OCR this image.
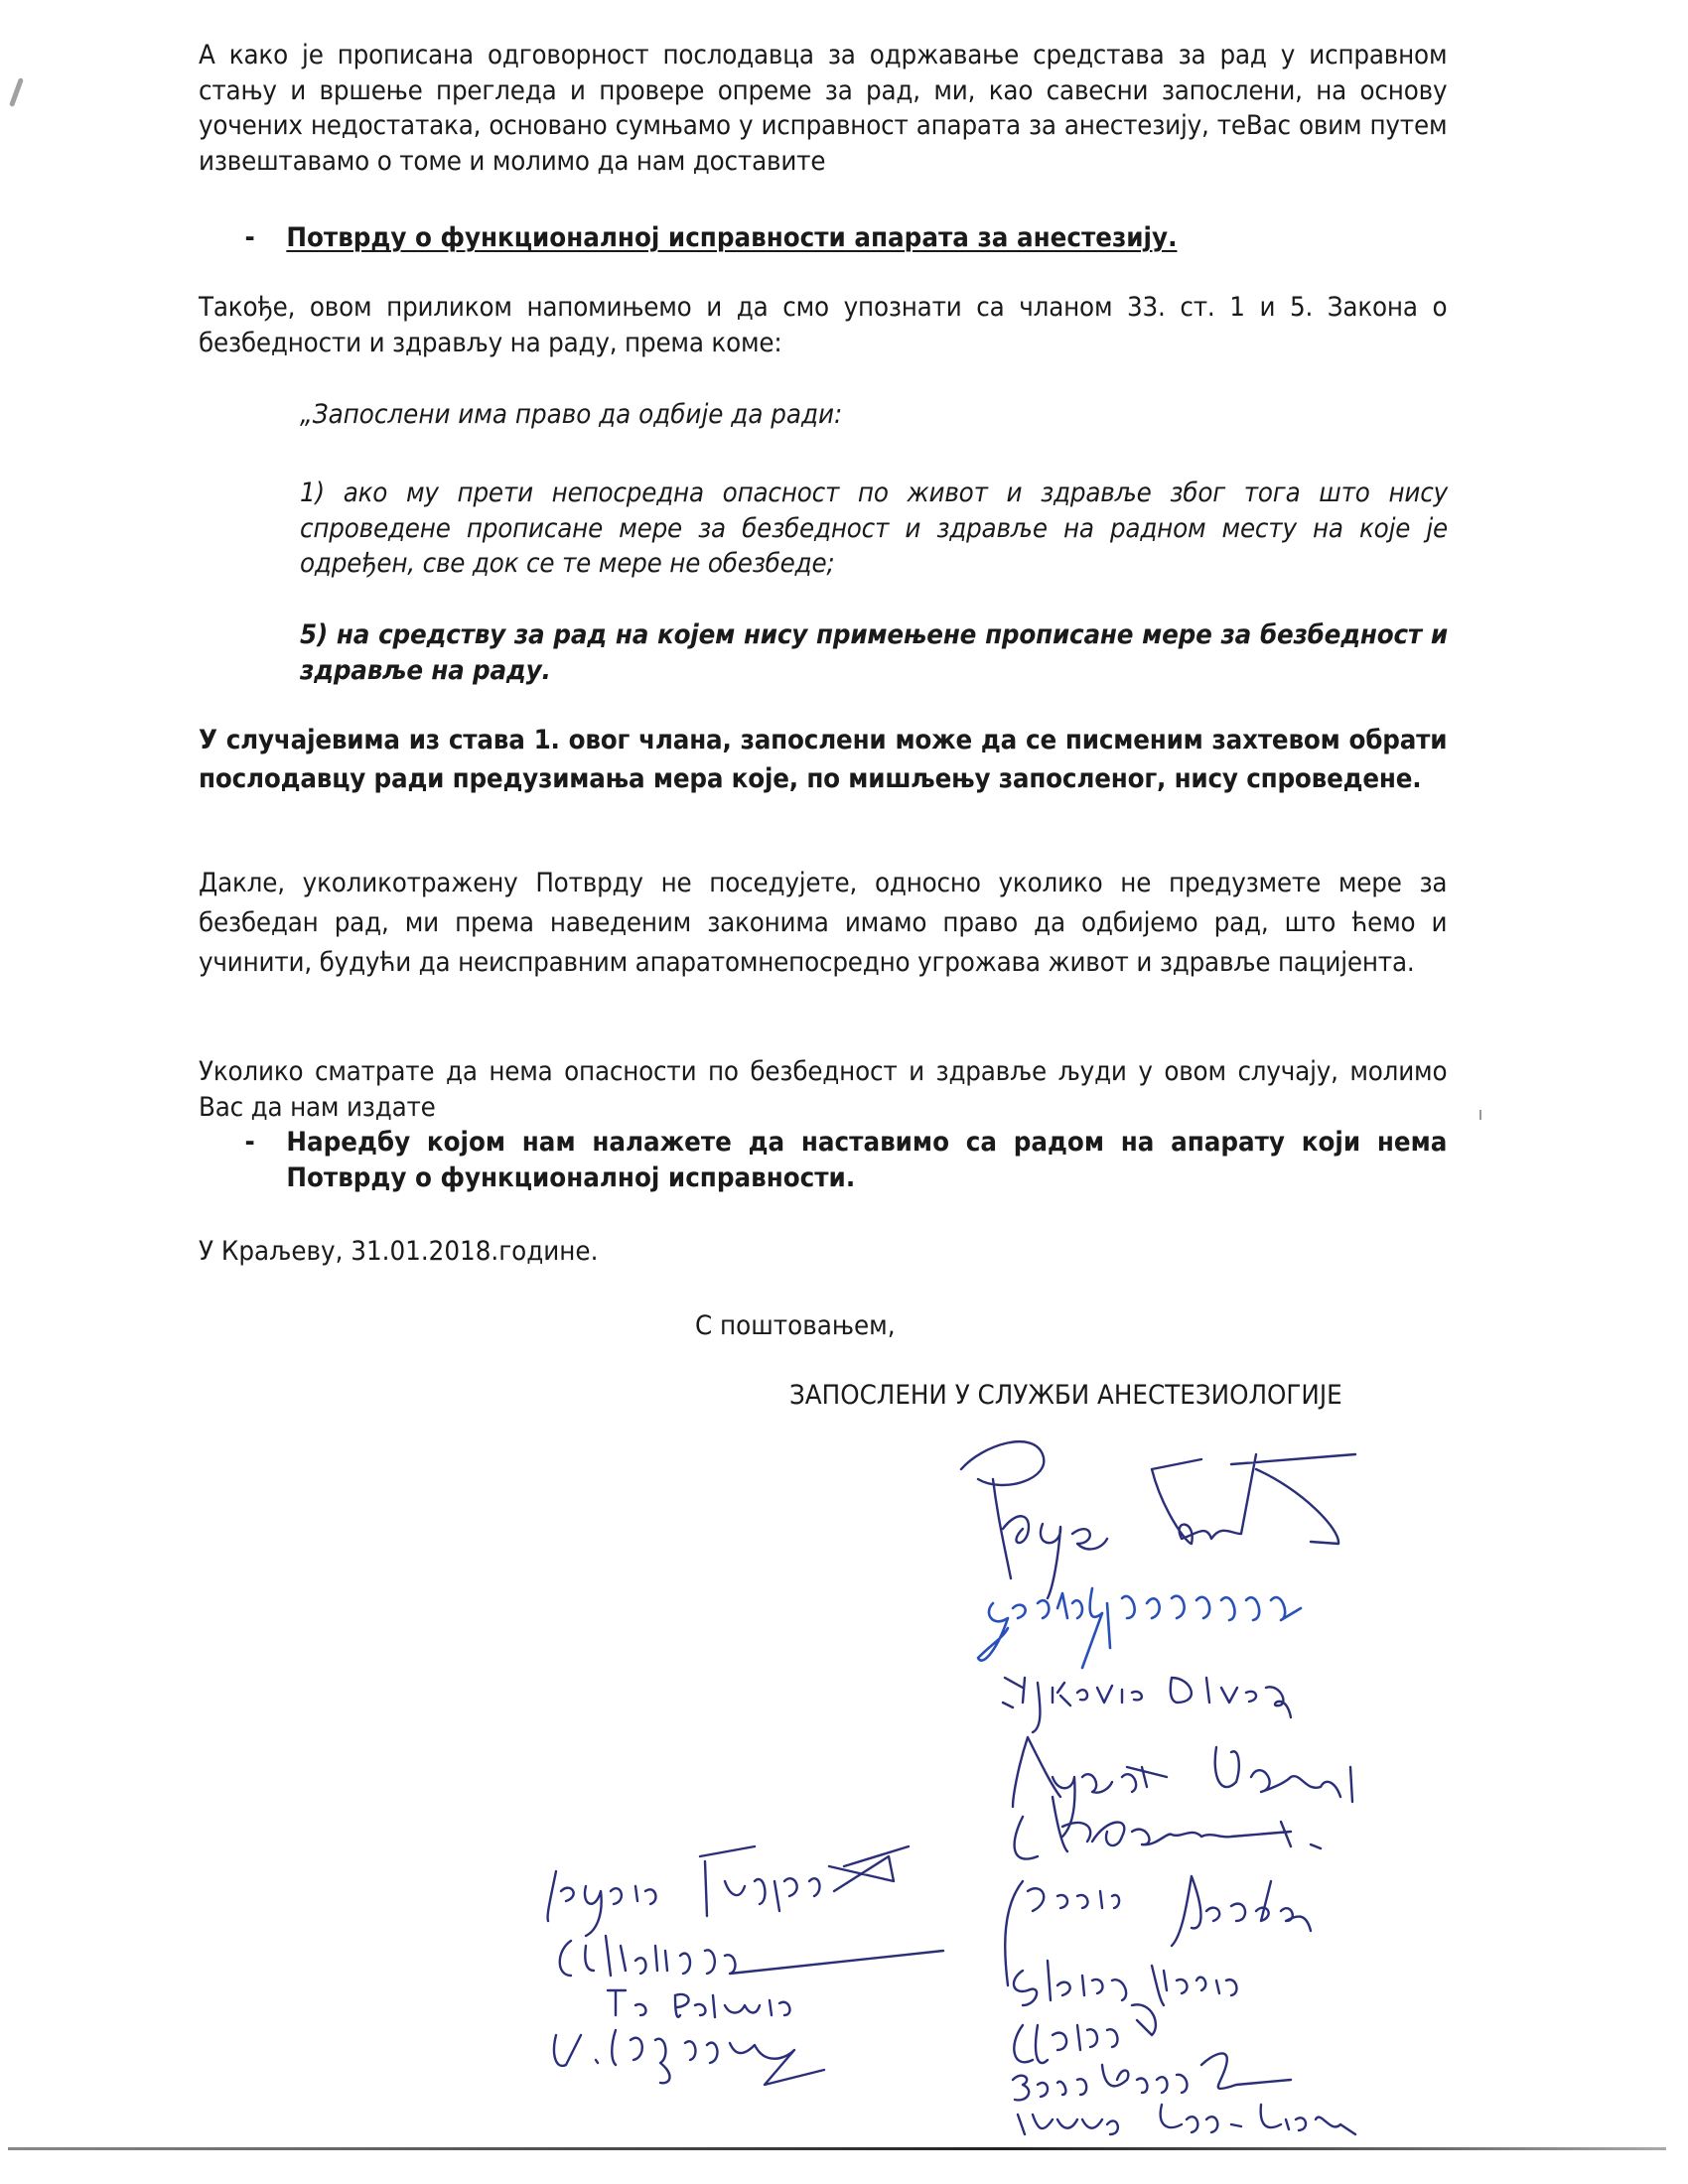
А како је прописана одговорност послодавца за одржавање средстава за рад у исправном стању и вршење прегледа и провере опреме за рад, ми, као савесни запослени, на основу уочених недостатака, основано сумњамо у исправност апарата за анестезију, теВас овим путем извештавамо о томе и молимо да нам доставите

-	Потврду о функционалној исправности апарата за анестезију.

Такође, овом приликом напомињемо и да смо упознати са чланом 33. ст. 1 и 5. Закона о безбедности и здрављу на раду, према коме:

„Запослени има право да одбије да ради:

1) ако му прети непосредна опасност по живот и здравље због тога што нису спроведене прописане мере за безбедност и здравље на радном месту на које је одређен, све док се те мере не обезбеде;

5) на средству за рад на којем нису примењене прописане мере за безбедност и здравље на раду.

У случајевима из става 1. овог члана, запослени може да се писменим захтевом обрати послодавцу ради предузимања мера које, по мишљењу запосленог, нису спроведене.

Дакле, уколикотражену Потврду не поседујете, односно уколико не предузмете мере за безбедан рад, ми према наведеним законима имамо право да одбијемо рад, што ћемо и учинити, будући да неисправним апаратомнепосредно угрожава живот и здравље пацијента.

Уколико сматрате да нема опасности по безбедност и здравље људи у овом случају, молимо Вас да нам издате

-	Наредбу којом нам налажете да наставимо са радом на апарату који нема Потврду о функционалној исправности.
У Краљеву, 31.01.2018.године.
С поштовањем,
ЗАПОСЛЕНИ У СЛУЖБИ АНЕСТЕЗИОЛОГИЈЕ
